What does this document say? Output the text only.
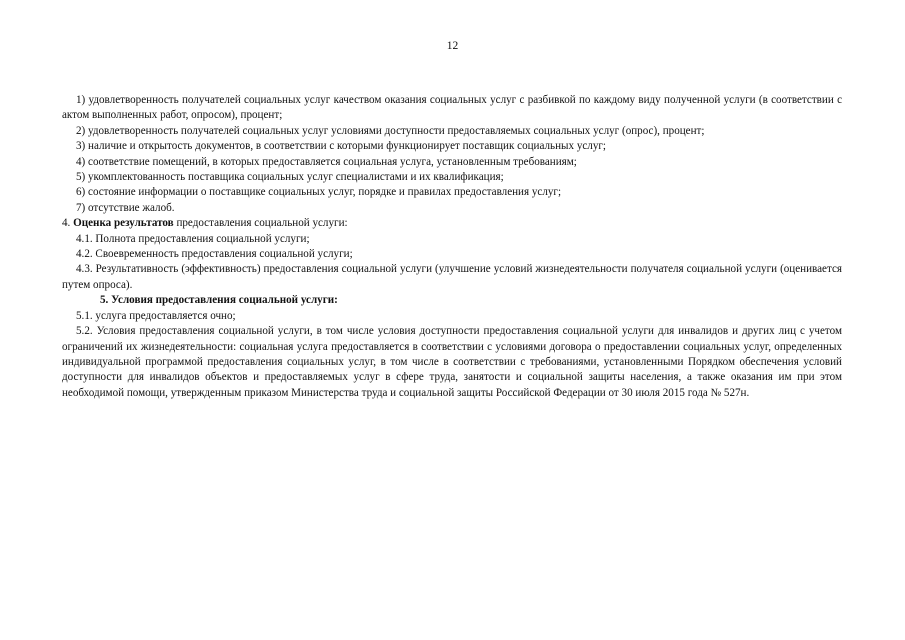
12

1) удовлетворенность получателей социальных услуг качеством оказания социальных услуг с разбивкой по каждому виду полученной услуги (в соответствии с актом выполненных работ, опросом), процент;

2) удовлетворенность получателей социальных услуг условиями доступности предоставляемых социальных услуг (опрос), процент;

3) наличие и открытость документов, в соответствии с которыми функционирует поставщик социальных услуг;

4) соответствие помещений, в которых предоставляется социальная услуга, установленным требованиям;

5) укомплектованность поставщика социальных услуг специалистами и их квалификация;

6) состояние информации о поставщике социальных услуг, порядке и правилах предоставления услуг;

7) отсутствие жалоб.

4. Оценка результатов предоставления социальной услуги:

4.1. Полнота предоставления социальной услуги;

4.2. Своевременность предоставления социальной услуги;

4.3. Результативность (эффективность) предоставления социальной услуги (улучшение условий жизнедеятельности получателя социальной услуги (оценивается путем опроса).

5. Условия предоставления социальной услуги:

5.1. услуга предоставляется очно;

5.2. Условия предоставления социальной услуги, в том числе условия доступности предоставления социальной услуги для инвалидов и других лиц с учетом ограничений их жизнедеятельности: социальная услуга предоставляется в соответствии с условиями договора о предоставлении социальных услуг, определенных индивидуальной программой предоставления социальных услуг, в том числе в соответствии с требованиями, установленными Порядком обеспечения условий доступности для инвалидов объектов и предоставляемых услуг в сфере труда, занятости и социальной защиты населения, а также оказания им при этом необходимой помощи, утвержденным приказом Министерства труда и социальной защиты Российской Федерации от 30 июля 2015 года № 527н.
